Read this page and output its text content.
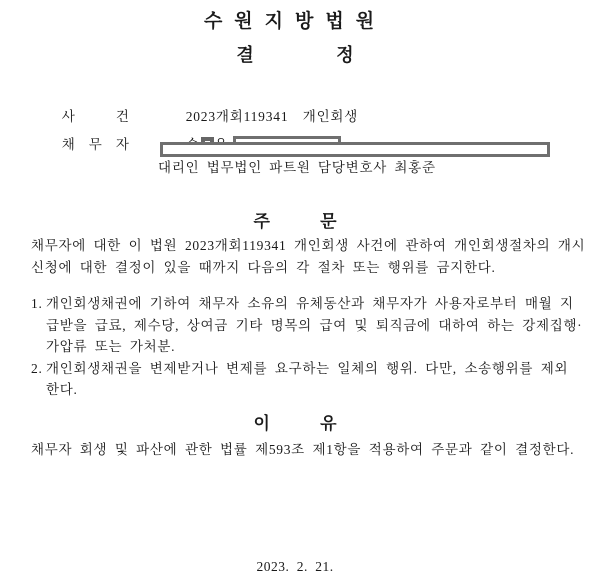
수원지방법원
결 정

사 건	2023개회119341  개인회생

채 무 자

대리인 법무법인 파트원 담당변호사 최홍준
주 문
채무자에 대한 이 법원 2023개회119341 개인회생 사건에 관하여 개인회생절차의 개시
신청에 대한 결정이 있을 때까지 다음의 각 절차 또는 행위를 금지한다.
1. 개인회생채권에 기하여 채무자 소유의 유체동산과 채무자가 사용자로부터 매월 지
급받을 급료, 제수당, 상여금 기타 명목의 급여 및 퇴직금에 대하여 하는 강제집행·
가압류 또는 가처분.
2. 개인회생채권을 변제받거나 변제를 요구하는 일체의 행위. 다만, 소송행위를 제외
한다.
이 유
채무자 회생 및 파산에 관한 법률 제593조 제1항을 적용하여 주문과 같이 결정한다.
2023. 2. 21.
